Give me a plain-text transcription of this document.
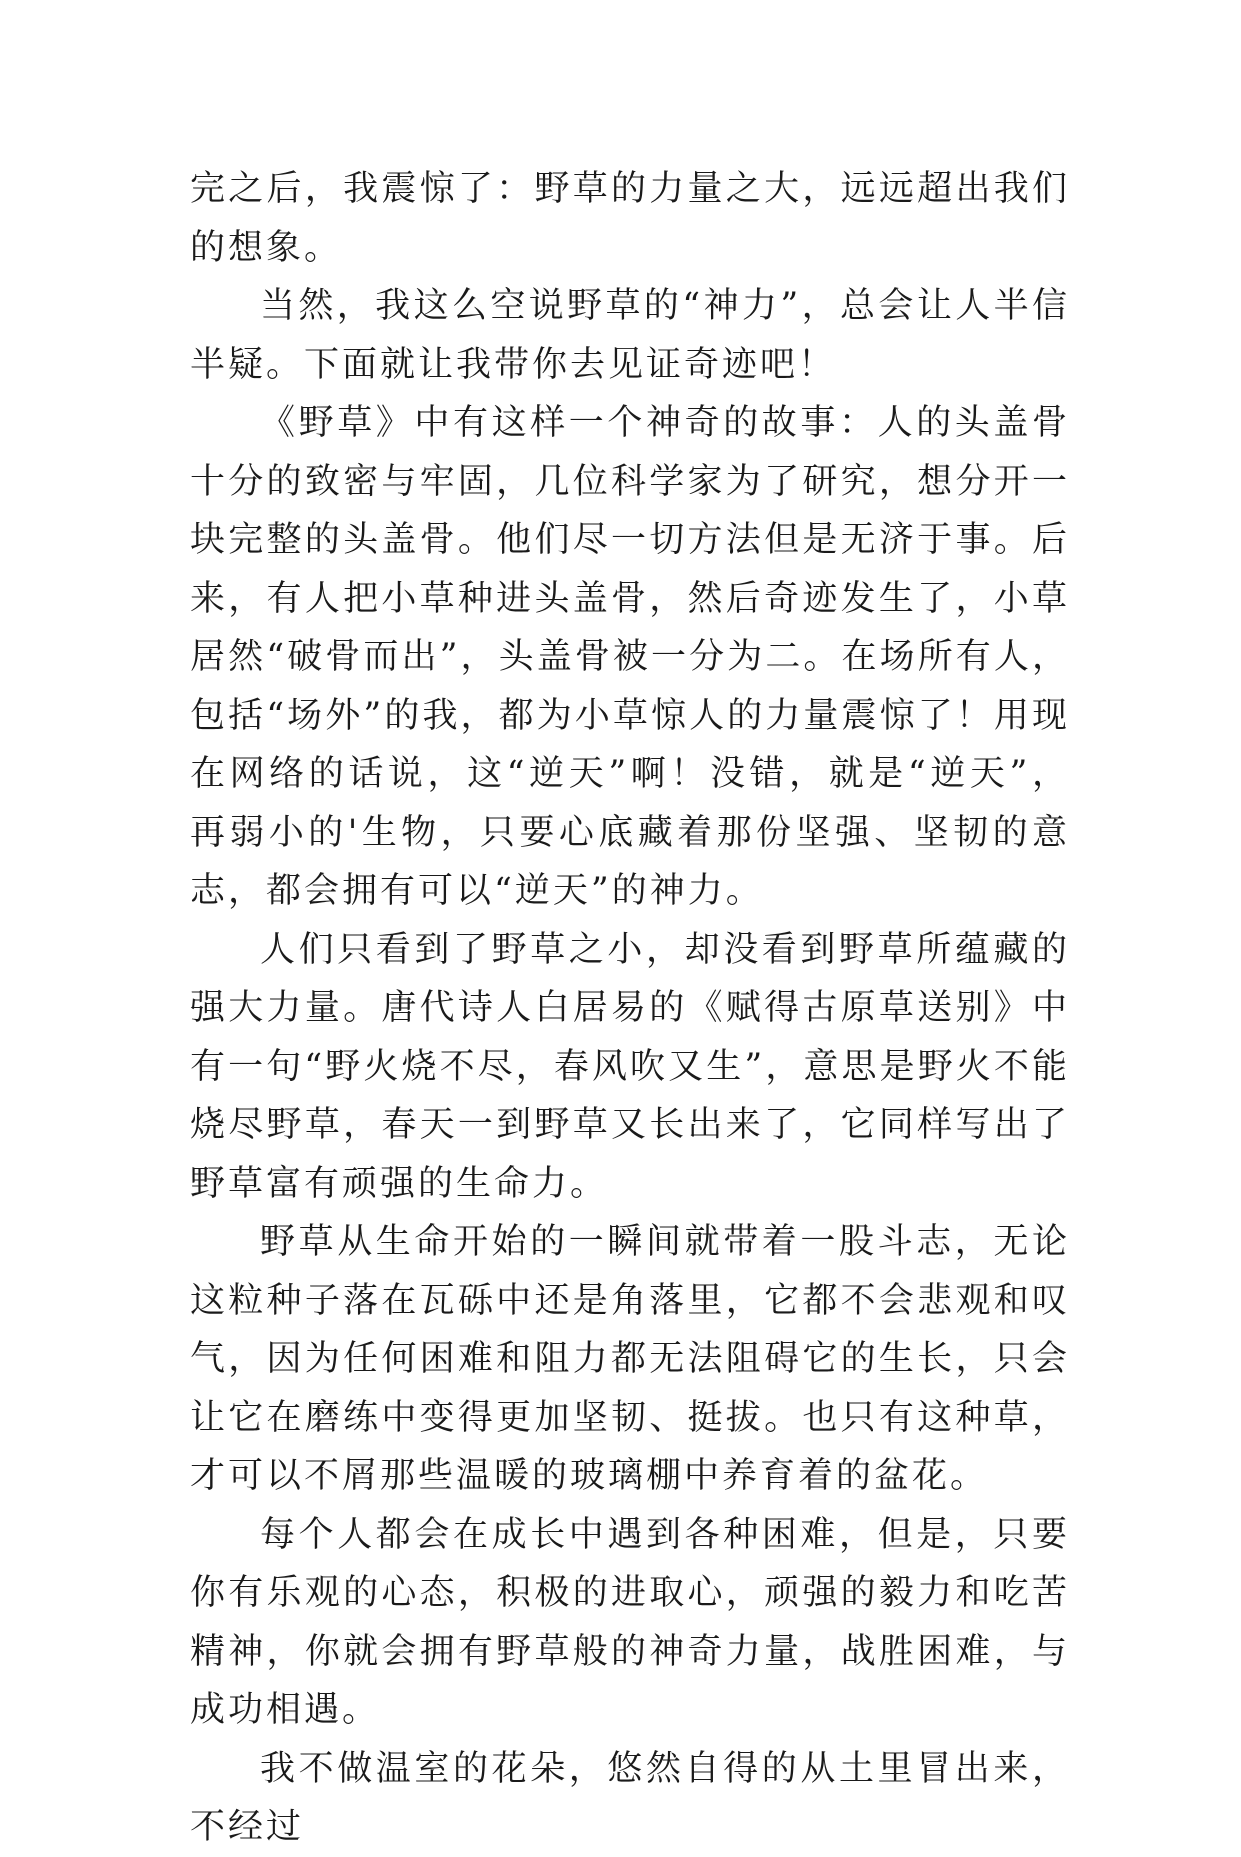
完之后，我震惊了：野草的力量之大，远远超出我们的想象。

当然，我这么空说野草的“神力”，总会让人半信半疑。下面就让我带你去见证奇迹吧！

《野草》中有这样一个神奇的故事：人的头盖骨十分的致密与牢固，几位科学家为了研究，想分开一块完整的头盖骨。他们尽一切方法但是无济于事。后来，有人把小草种进头盖骨，然后奇迹发生了，小草居然“破骨而出”，头盖骨被一分为二。在场所有人，包括“场外”的我，都为小草惊人的力量震惊了！用现在网络的话说，这“逆天”啊！没错，就是“逆天”，再弱小的'生物，只要心底藏着那份坚强、坚韧的意志，都会拥有可以“逆天”的神力。

人们只看到了野草之小，却没看到野草所蕴藏的强大力量。唐代诗人白居易的《赋得古原草送别》中有一句“野火烧不尽，春风吹又生”，意思是野火不能烧尽野草，春天一到野草又长出来了，它同样写出了野草富有顽强的生命力。

野草从生命开始的一瞬间就带着一股斗志，无论这粒种子落在瓦砾中还是角落里，它都不会悲观和叹气，因为任何困难和阻力都无法阻碍它的生长，只会让它在磨练中变得更加坚韧、挺拔。也只有这种草，才可以不屑那些温暖的玻璃棚中养育着的盆花。

每个人都会在成长中遇到各种困难，但是，只要你有乐观的心态，积极的进取心，顽强的毅力和吃苦精神，你就会拥有野草般的神奇力量，战胜困难，与成功相遇。

我不做温室的花朵，悠然自得的从土里冒出来，不经过
